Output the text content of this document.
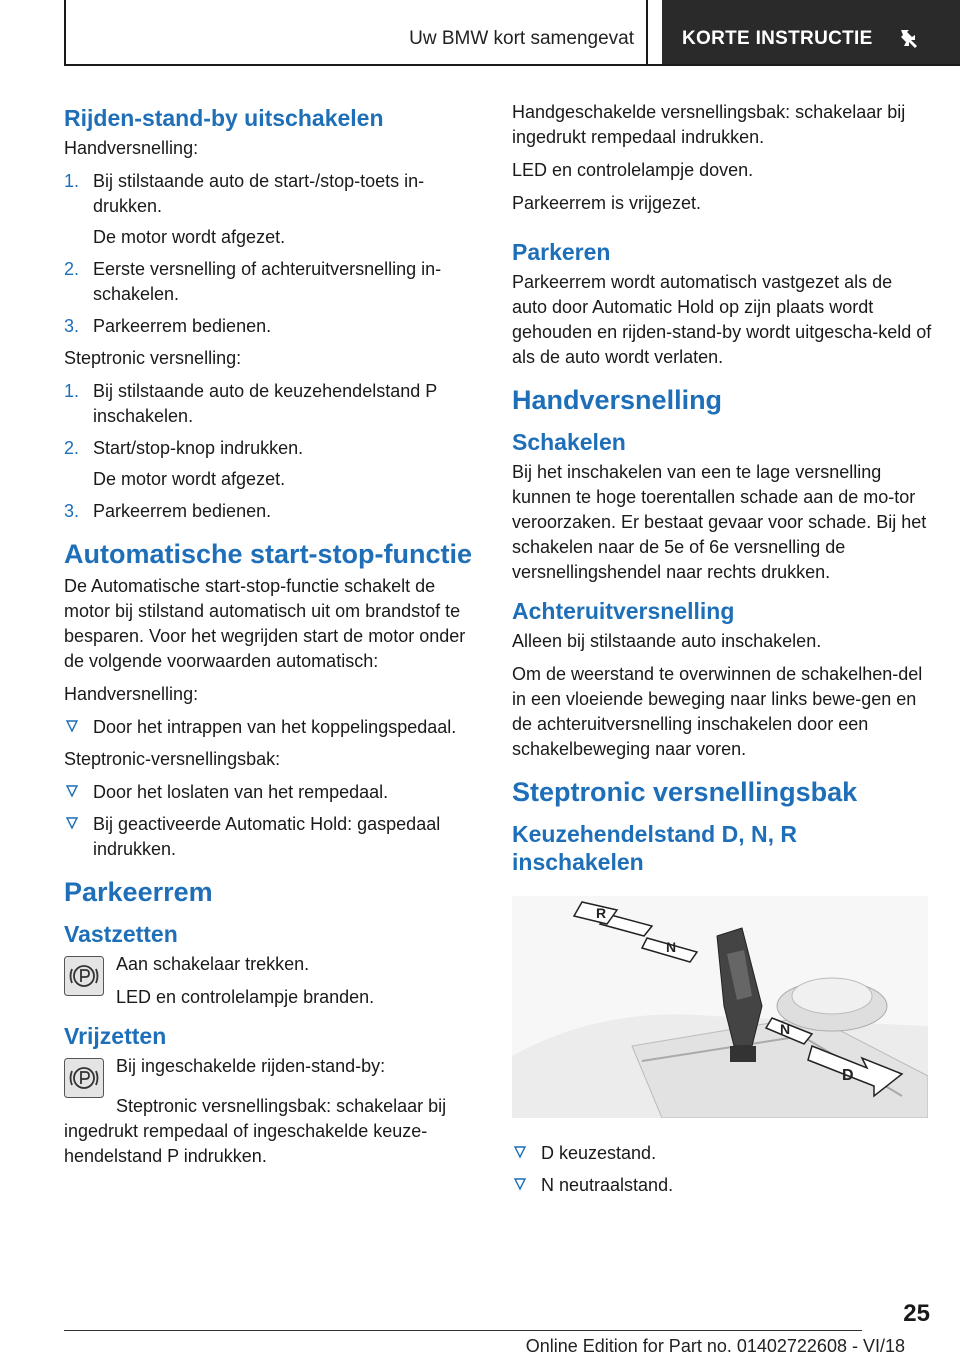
Uw BMW kort samengevat	KORTE INSTRUCTIE
Rijden-stand-by uitschakelen

Handversnelling:

1. Bij stilstaande auto de start-/stop-toets in-drukken.
De motor wordt afgezet.
2. Eerste versnelling of achteruitversnelling in-schakelen.
3. Parkeerrem bedienen.

Steptronic versnelling:

1. Bij stilstaande auto de keuzehendelstand P inschakelen.
2. Start/stop-knop indrukken.
De motor wordt afgezet.
3. Parkeerrem bedienen.
Automatische start-stop-functie

De Automatische start-stop-functie schakelt de motor bij stilstand automatisch uit om brandstof te besparen. Voor het wegrijden start de motor onder de volgende voorwaarden automatisch:

Handversnelling:

Door het intrappen van het koppelingspedaal.

Steptronic-versnellingsbak:

Door het loslaten van het rempedaal.
Bij geactiveerde Automatic Hold: gaspedaal indrukken.
Parkeerrem
Vastzetten

Aan schakelaar trekken.

LED en controlelampje branden.

Vrijzetten

Bij ingeschakelde rijden-stand-by:

Steptronic versnellingsbak: schakelaar bij ingedrukt rempedaal of ingeschakelde keuze-hendelstand P indrukken.

Handgeschakelde versnellingsbak: schakelaar bij ingedrukt rempedaal indrukken.

LED en controlelampje doven.

Parkeerrem is vrijgezet.

Parkeren

Parkeerrem wordt automatisch vastgezet als de auto door Automatic Hold op zijn plaats wordt gehouden en rijden-stand-by wordt uitgescha-keld of als de auto wordt verlaten.

Handversnelling
Schakelen

Bij het inschakelen van een te lage versnelling kunnen te hoge toerentallen schade aan de mo-tor veroorzaken. Er bestaat gevaar voor schade. Bij het schakelen naar de 5e of 6e versnelling de versnellingshendel naar rechts drukken.

Achteruitversnelling

Alleen bij stilstaande auto inschakelen.

Om de weerstand te overwinnen de schakelhen-del in een vloeiende beweging naar links bewe-gen en de achteruitversnelling inschakelen door een schakelbeweging naar voren.

Steptronic versnellingsbak
Keuzehendelstand D, N, R inschakelen
R
N
N
D
D keuzestand.
N neutraalstand.
25
Online Edition for Part no. 01402722608 - VI/18
